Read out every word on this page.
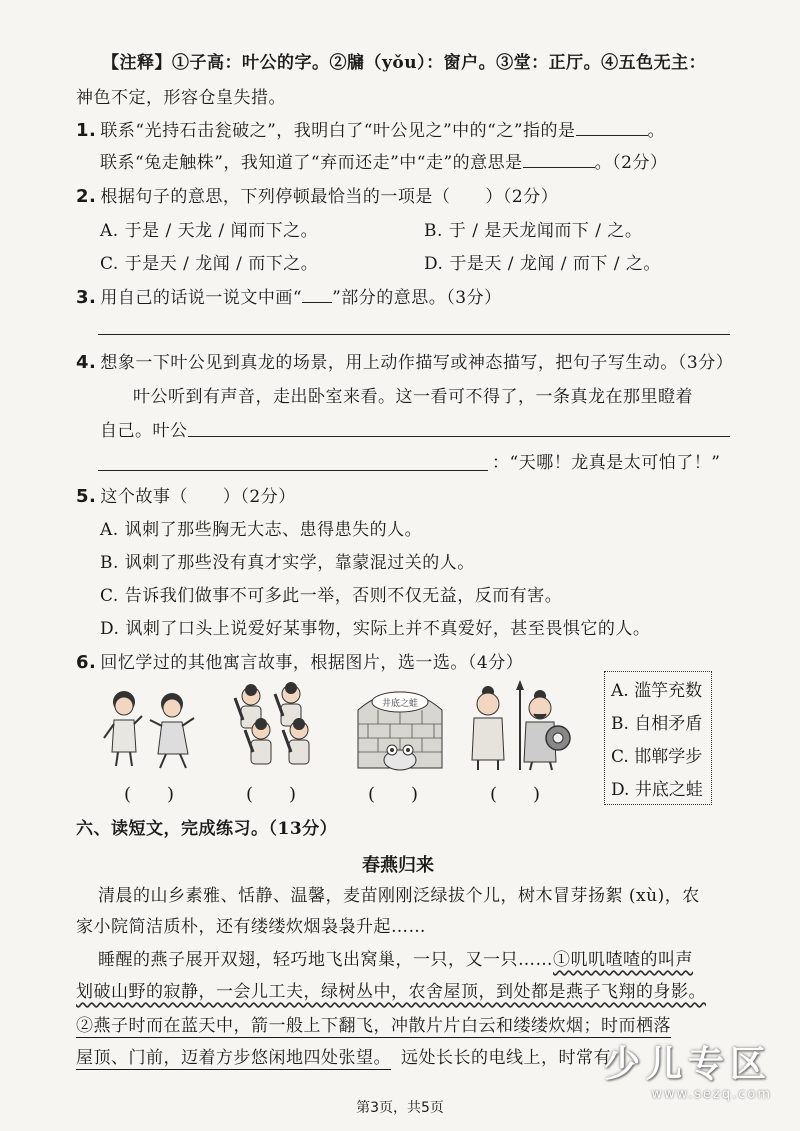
【注释】①子高：叶公的字。②牖（yǒu）：窗户。③堂：正厅。④五色无主：
神色不定，形容仓皇失措。
1. 联系“光持石击瓮破之”，我明白了“叶公见之”中的“之”指的是	。
联系“兔走触株”，我知道了“弃而还走”中“走”的意思是	。（2分）
2. 根据句子的意思，下列停顿最恰当的一项是（　　）（2分）
A. 于是 / 天龙 / 闻而下之。	B. 于 / 是天龙闻而下 / 之。
C. 于是天 / 龙闻 / 而下之。	D. 于是天 / 龙闻 / 而下 / 之。
3. 用自己的话说一说文中画“ ”部分的意思。（3分）
4. 想象一下叶公见到真龙的场景，用上动作描写或神态描写，把句子写生动。（3分）
叶公听到有声音，走出卧室来看。这一看可不得了，一条真龙在那里瞪着
自己。叶公
：“天哪！龙真是太可怕了！”
5. 这个故事（　　）（2分）
A. 讽刺了那些胸无大志、患得患失的人。
B. 讽刺了那些没有真才实学，靠蒙混过关的人。
C. 告诉我们做事不可多此一举，否则不仅无益，反而有害。
D. 讽刺了口头上说爱好某事物，实际上并不真爱好，甚至畏惧它的人。
6. 回忆学过的其他寓言故事，根据图片，选一选。（4分）
井底之蛙
(　　)	(　　)	(　　)	(　　)
A. 滥竽充数
B. 自相矛盾
C. 邯郸学步
D. 井底之蛙
六、读短文，完成练习。（13分）
春燕归来
清晨的山乡素雅、恬静、温馨，麦苗刚刚泛绿拔个儿，树木冒芽扬絮 (xù)，农
家小院简洁质朴，还有缕缕炊烟袅袅升起……
睡醒的燕子展开双翅，轻巧地飞出窝巢，一只，又一只……①叽叽喳喳的叫声
划破山野的寂静，一会儿工夫，绿树丛中，农舍屋顶，到处都是燕子飞翔的身影。
②燕子时而在蓝天中，箭一般上下翻飞，冲散片片白云和缕缕炊烟；时而栖落
屋顶、门前，迈着方步悠闲地四处张望。 远处长长的电线上，时常有
少儿专区
www.sezq.com
第3页，共5页
